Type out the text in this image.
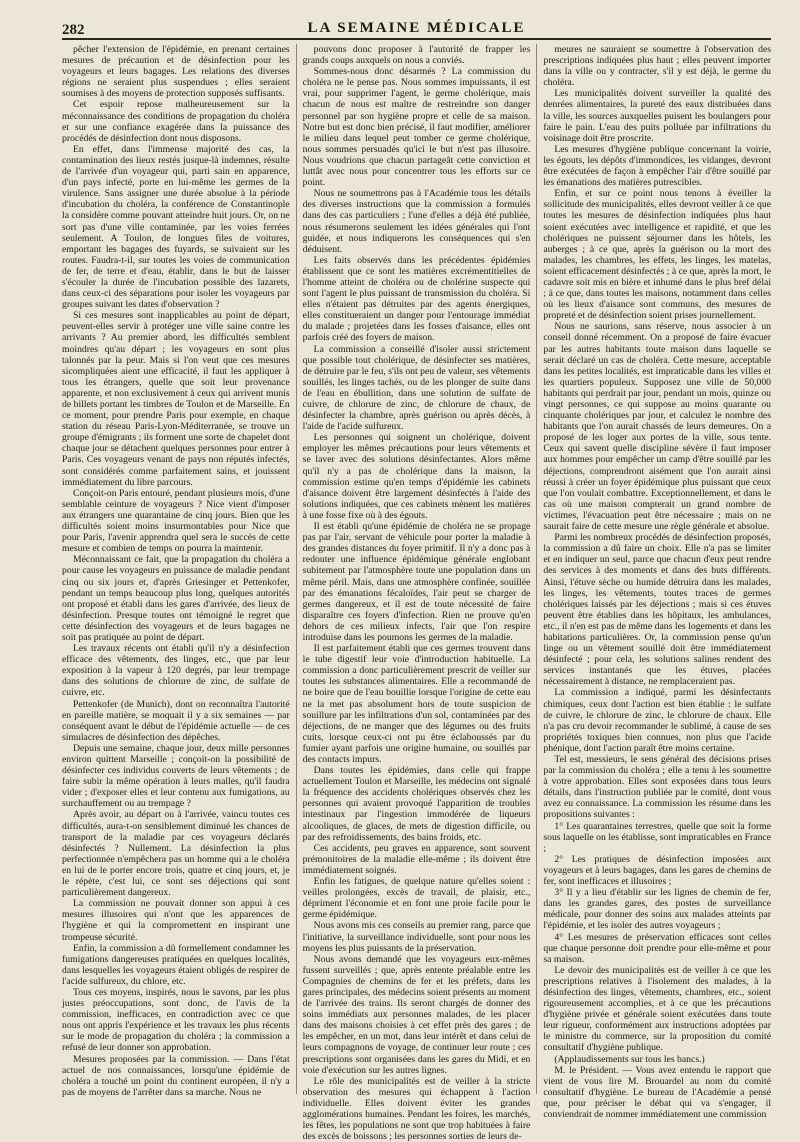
282	LA SEMAINE MÉDICALE

pêcher l'extension de l'épidémie, en prenant certaines mesures de précaution et de désinfection pour les voyageurs et leurs bagages. Les relations des diverses régions ne seraient plus suspendues ; elles seraient soumises à des moyens de protection supposés suffisants.

Cet espoir repose malheureusement sur la méconnaissance des conditions de propagation du choléra et sur une confiance exagérée dans la puissance des procédés de désinfection dont nous disposons.

En effet, dans l'immense majorité des cas, la contamination des lieux restés jusque-là indemnes, résulte de l'arrivée d'un voyageur qui, parti sain en apparence, d'un pays infecté, porte en lui-même les germes de la virulence. Sans assigner une durée absolue à la période d'incubation du choléra, la conférence de Constantinople la considère comme pouvant atteindre huit jours. Or, on ne sort pas d'une ville contaminée, par les voies ferrées seulement. A Toulon, de longues files de voitures, emportant les bagages des fuyards, se suivaient sur les routes. Faudra-t-il, sur toutes les voies de communication de fer, de terre et d'eau, établir, dans le but de laisser s'écouler la durée de l'incubation possible des lazarets, dans ceux-ci des séparations pour isoler les voyageurs par groupes suivant les dates d'observation ?

Si ces mesures sont inapplicables au point de départ, peuvent-elles servir à protéger une ville saine contre les arrivants ? Au premier abord, les difficultés semblent moindres qu'au départ ; les voyageurs en sont plus talonnés par la peur. Mais si l'on veut que ces mesures sicompliquées aient une efficacité, il faut les appliquer à tous les étrangers, quelle que soit leur provenance apparente, et non exclusivement à ceux qui arrivent munis de billets portant les timbres de Toulon et de Marseille. En ce moment, pour prendre Paris pour exemple, en chaque station du réseau Paris-Lyon-Méditerranée, se trouve un groupe d'émigrants ; ils forment une sorte de chapelet dont chaque jour se détachent quelques personnes pour entrer à Paris. Ces voyageurs venant de pays non réputés infectés, sont considérés comme parfaitement sains, et jouissent immédiatement du libre parcours.

Conçoit-on Paris entouré, pendant plusieurs mois, d'une semblable ceinture de voyageurs ? Nice vient d'imposer aux étrangers une quarantaine de cinq jours. Bien que les difficultés soient moins insurmontables pour Nice que pour Paris, l'avenir apprendra quel sera le succès de cette mesure et combien de temps on pourra la maintenir.

Méconnaissant ce fait, que la propagation du choléra a pour cause les voyageurs en puissance de maladie pendant cinq ou six jours et, d'après Griesinger et Pettenkofer, pendant un temps beaucoup plus long, quelques autorités ont proposé et établi dans les gares d'arrivée, des lieux de désinfection. Presque toutes ont témoigné le regret que cette désinfection des voyageurs et de leurs bagages ne soit pas pratiquée au point de départ.

Les travaux récents ont établi qu'il n'y a désinfection efficace des vêtements, des linges, etc., que par leur exposition à la vapeur à 120 degrés, par leur trempage dans des solutions de chlorure de zinc, de sulfate de cuivre, etc.

Pettenkofer (de Munich), dont on reconnaîtra l'autorité en pareille matière, se moquait il y a six semaines — par conséquent avant le début de l'épidémie actuelle — de ces simulacres de désinfection des dépêches.

Depuis une semaine, chaque jour, deux mille personnes environ quittent Marseille ; conçoit-on la possibilité de désinfecter ces individus couverts de leurs vêtements ; de faire subir la même opération à leurs malles, qu'il faudra vider ; d'exposer elles et leur contenu aux fumigations, au surchauffement ou au trempage ?

Après avoir, au départ ou à l'arrivée, vaincu toutes ces difficultés, aura-t-on sensiblement diminué les chances de transport de la maladie par ces voyageurs déclarés désinfectés ? Nullement. La désinfection la plus perfectionnée n'empêchera pas un homme qui a le choléra en lui de le porter encore trois, quatre et cinq jours, et, je le répète, c'est lui, ce sont ses déjections qui sont particulièrement dangereux.

La commission ne pouvait donner son appui à ces mesures illusoires qui n'ont que les apparences de l'hygiène et qui la compromettent en inspirant une trompeuse sécurité.

Enfin, la commission a dû formellement condamner les fumigations dangereuses pratiquées en quelques localités, dans lesquelles les voyageurs étaient obligés de respirer de l'acide sulfureux, du chlore, etc.

Tous ces moyens, inspirés, nous le savons, par les plus justes préoccupations, sont donc, de l'avis de la commission, inefficaces, en contradiction avec ce que nous ont appris l'expérience et les travaux les plus récents sur le mode de propagation du choléra ; la commission a refusé de leur donner son approbation.

Mesures proposées par la commission. — Dans l'état actuel de nos connaissances, lorsqu'une épidémie de choléra a touché un point du continent européen, il n'y a pas de moyens de l'arrêter dans sa marche. Nous ne

pouvons donc proposer à l'autorité de frapper les grands coups auxquels on nous a conviés.

Sommes-nous donc désarmés ? La commission du choléra ne le pense pas. Nous sommes impuissants, il est vrai, pour supprimer l'agent, le germe cholérique, mais chacun de nous est maître de restreindre son danger personnel par son hygiène propre et celle de sa maison. Notre but est donc bien précisé, il faut modifier, améliorer le milieu dans lequel peut tomber ce germe cholérique, nous sommes persuadés qu'ici le but n'est pas illusoire. Nous voudrions que chacun partageât cette conviction et luttât avec nous pour concentrer tous les efforts sur ce point.

Nous ne soumettrons pas à l'Académie tous les détails des diverses instructions que la commission a formulés dans des cas particuliers ; l'une d'elles a déjà été publiée, nous résumerons seulement les idées générales qui l'ont guidée, et nous indiquerons les conséquences qui s'en déduisent.

Les faits observés dans les précédentes épidémies établissent que ce sont les matières excrémentitielles de l'homme atteint de choléra ou de cholérine suspecte qui sont l'agent le plus puissant de transmission du choléra. Si elles n'étaient pas détruites par des agents énergiques, elles constitueraient un danger pour l'entourage immédiat du malade ; projetées dans les fosses d'aisance, elles ont parfois créé des foyers de maison.

La commission a conseillé d'isoler aussi strictement que possible tout cholérique, de désinfecter ses matières, de détruire par le feu, s'ils ont peu de valeur, ses vêtements souillés, les linges tachés, ou de les plonger de suite dans de l'eau en ébullition, dans une solution de sulfate de cuivre, de chlorure de zinc, de chlorure de chaux, de désinfecter la chambre, après guérison ou après décès, à l'aide de l'acide sulfureux.

Les personnes qui soignent un cholérique, doivent employer les mêmes précautions pour leurs vêtements et se laver avec des solutions désinfectantes. Alors même qu'il n'y a pas de cholérique dans la maison, la commission estime qu'en temps d'épidémie les cabinets d'aisance doivent être largement désinfectés à l'aide des solutions indiquées, que ces cabinets mènent les matières à une fosse fixe où à des égouts.

Il est établi qu'une épidémie de choléra ne se propage pas par l'air, servant de véhicule pour porter la maladie à des grandes distances du foyer primitif. Il n'y a donc pas à redouter une influence épidémique générale englobant subitement par l'atmosphère toute une population dans un même péril. Mais, dans une atmosphère confinée, souillée par des émanations fécaloïdes, l'air peut se charger de germes dangereux, et il est de toute nécessité de faire disparaître ces foyers d'infection. Rien ne prouve qu'en dehors de ces milieux infects, l'air que l'on respire introduise dans les poumons les germes de la maladie.

Il est parfaitement établi que ces germes trouvent dans le tube digestif leur voie d'introduction habituelle. La commission a donc particulièrement prescrit de veiller sur toutes les substances alimentaires. Elle a recommandé de ne boire que de l'eau bouillie lorsque l'origine de cette eau ne la met pas absolument hors de toute suspicion de souillure par les infiltrations d'un sol, contaminées par des déjections, de ne manger que des légumes ou des fruits cuits, lorsque ceux-ci ont pu être éclaboussés par du fumier ayant parfois une origine humaine, ou souillés par des contacts impurs.

Dans toutes les épidémies, dans celle qui frappe actuellement Toulon et Marseille, les médecins ont signalé la fréquence des accidents cholériques observés chez les personnes qui avaient provoqué l'apparition de troubles intestinaux par l'ingestion immodérée de liqueurs alcooliques, de glaces, de mets de digestion difficile, ou par des refroidissements, des bains froids, etc.

Ces accidents, peu graves en apparence, sont souvent prémonitoires de la maladie elle-même ; ils doivent être immédiatement soignés.

Enfin les fatigues, de quelque nature qu'elles soient : veilles prolongées, excès de travail, de plaisir, etc., dépriment l'économie et en font une proie facile pour le germe épidémique.

Nous avons mis ces conseils au premier rang, parce que l'initiative, la surveillance individuelle, sont pour nous les moyens les plus puissants de la préservation.

Nous avons demandé que les voyageurs eux-mêmes fussent surveillés ; que, après entente préalable entre les Compagnies de chemins de fer et les préfets, dans les gares principales, des médecins soient présents au moment de l'arrivée des trains. Ils seront chargés de donner des soins immédiats aux personnes malades, de les placer dans des maisons choisies à cet effet près des gares ; de les empêcher, en un mot, dans leur intérêt et dans celui de leurs compagnons de voyage, de continuer leur route ; ces prescriptions sont organisées dans les gares du Midi, et en voie d'exécution sur les autres lignes.

Le rôle des municipalités est de veiller à la stricte observation des mesures qui échappent à l'action individuelle. Elles doivent éviter les grandes agglomérations humaines. Pendant les foires, les marchés, les fêtes, les populations ne sont que trop habituées à faire des excès de boissons ; les personnes sorties de leurs de-

meures ne sauraient se soumettre à l'observation des prescriptions indiquées plus haut ; elles peuvent importer dans la ville ou y contracter, s'il y est déjà, le germe du choléra.

Les municipalités doivent surveiller la qualité des denrées alimentaires, la pureté des eaux distribuées dans la ville, les sources auxquelles puisent les boulangers pour faire le pain. L'eau des puits polluée par infiltrations du voisinage doit être proscrite.

Les mesures d'hygiène publique concernant la voirie, les égouts, les dépôts d'immondices, les vidanges, devront être exécutées de façon à empêcher l'air d'être souillé par les émanations des matières putrescibles.

Enfin, et sur ce point nous tenons à éveiller la sollicitude des municipalités, elles devront veiller à ce que toutes les mesures de désinfection indiquées plus haut soient exécutées avec intelligence et rapidité, et que les cholériques ne puissent séjourner dans les hôtels, les auberges ; à ce que, après la guérison ou la mort des malades, les chambres, les effets, les linges, les matelas, soient efficacement désinfectés ; à ce que, après la mort, le cadavre soit mis en bière et inhumé dans le plus bref délai ; à ce que, dans toutes les maisons, notamment dans celles où les lieux d'aisance sont communs, des mesures de propreté et de désinfection soient prises journellement.

Nous ne saurions, sans réserve, nous associer à un conseil donné récemment. On a proposé de faire évacuer par les autres habitants toute maison dans laquelle se serait déclaré un cas de choléra. Cette mesure, acceptable dans les petites localités, est impraticable dans les villes et les quartiers populeux. Supposez une ville de 50,000 habitants qui perdrait par jour, pendant un mois, quinze ou vingt personnes, ce qui suppose au moins quarante ou cinquante cholériques par jour, et calculez le nombre des habitants que l'on aurait chassés de leurs demeures. On a proposé de les loger aux portes de la ville, sous tente. Ceux qui savent quelle discipline sévère il faut imposer aux hommes pour empêcher un camp d'être souillé par les déjections, comprendront aisément que l'on aurait ainsi réussi à créer un foyer épidémique plus puissant que ceux que l'on voulait combattre. Exceptionnellement, et dans le cas où une maison compterait un grand nombre de victimes, l'évacuation peut être nécessaire ; mais on ne saurait faire de cette mesure une règle générale et absolue.

Parmi les nombreux procédés de désinfection proposés, la commission a dû faire un choix. Elle n'a pas se limiter et en indiquer un seul, parce que chacun d'eux peut rendre des services à des moments et dans des buts différents. Ainsi, l'étuve sèche ou humide détruira dans les malades, les linges, les vêtements, toutes traces de germes cholériques laissés par les déjections ; mais si ces étuves peuvent être établies dans les hôpitaux, les ambulances, etc., il n'en est pas de même dans les logements et dans les habitations particulières. Or, la commission pense qu'un linge ou un vêtement souillé doit être immédiatement désinfecté ; pour cela, les solutions salines rendent des services instantanés que les étuves, placées nécessairement à distance, ne remplaceraient pas.

La commission a indiqué, parmi les désinfectants chimiques, ceux dont l'action est bien établie : le sulfate de cuivre, le chlorure de zinc, le chlorure de chaux. Elle n'a pas cru devoir recommander le sublimé, à cause de ses propriétés toxiques bien connues, non plus que l'acide phénique, dont l'action paraît être moins certaine.

Tel est, messieurs, le sens général des décisions prises par la commission du choléra ; elle a tenu à les soumettre à votre approbation. Elles sont exposées dans tous leurs détails, dans l'instruction publiée par le comité, dont vous avez eu connaissance. La commission les résume dans les propositions suivantes :

1° Les quarantaines terrestres, quelle que soit la forme sous laquelle on les établisse, sont impraticables en France ;

2° Les pratiques de désinfection imposées aux voyageurs et à leurs bagages, dans les gares de chemins de fer, sont inefficaces et illusoires ;

3° Il y a lieu d'établir sur les lignes de chemin de fer, dans les grandes gares, des postes de surveillance médicale, pour donner des soins aux malades atteints par l'épidémie, et les isoler des autres voyageurs ;

4° Les mesures de préservation efficaces sont celles que chaque personne doit prendre pour elle-même et pour sa maison.

Le devoir des municipalités est de veiller à ce que les prescriptions relatives à l'isolement des malades, à la désinfection des linges, vêtements, chambres, etc., soient rigoureusement accomplies, et à ce que les précautions d'hygiène privée et générale soient exécutées dans toute leur rigueur, conformément aux instructions adoptées par le ministre du commerce, sur la proposition du comité consultatif d'hygiène publique.

(Applaudissements sur tous les bancs.)

M. le Président. — Vous avez entendu le rapport que vient de vous lire M. Brouardel au nom du comité consultatif d'hygiène. Le bureau de l'Académie a pensé que, pour préciser le débat qui va s'engager, il conviendrait de nommer immédiatement une commission
